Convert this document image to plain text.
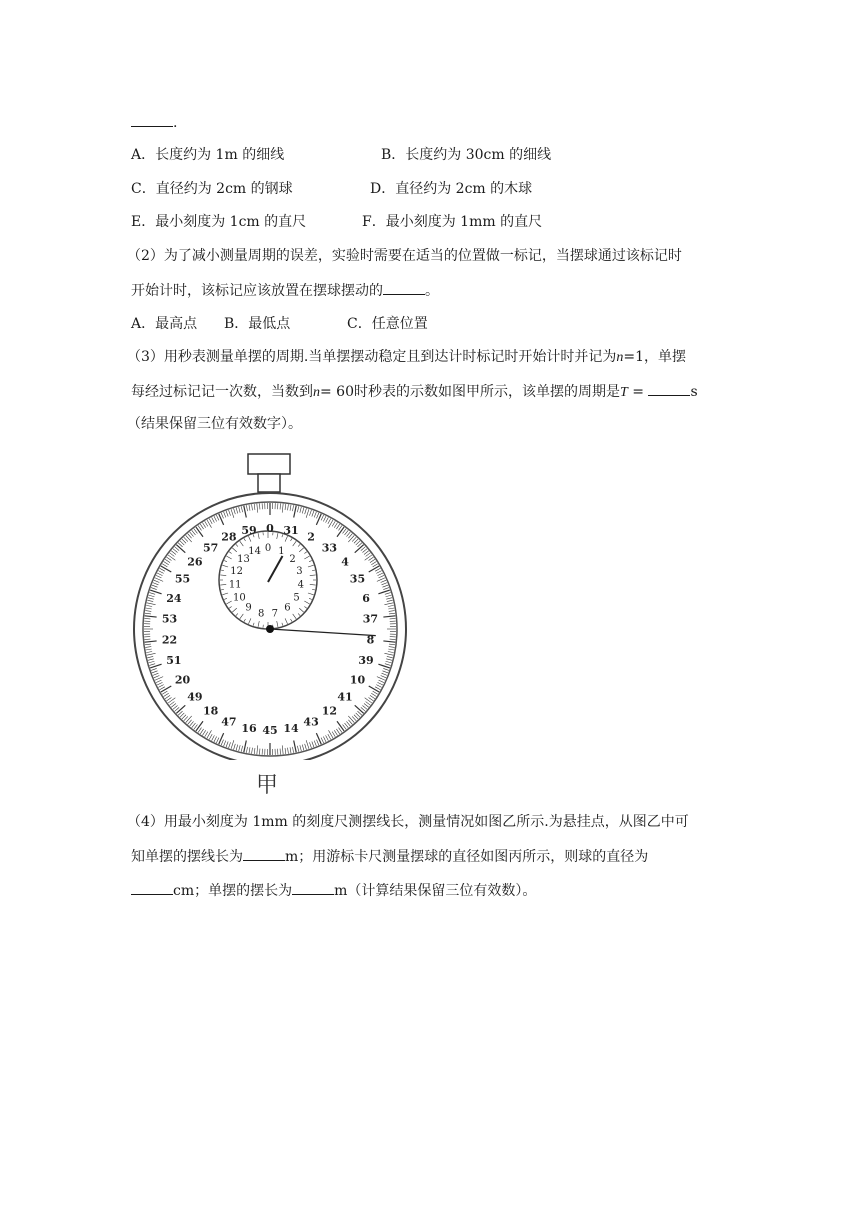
.
A．长度约为 1m 的细线	B．长度约为 30cm 的细线
C．直径约为 2cm 的钢球	D．直径约为 2cm 的木球
E．最小刻度为 1cm 的直尺	F．最小刻度为 1mm 的直尺
（2）为了减小测量周期的误差，实验时需要在适当的位置做一标记，当摆球通过该标记时
开始计时，该标记应该放置在摆球摆动的	。
A．最高点 B．最低点	C．任意位置
（3）用秒表测量单摆的周期.当单摆摆动稳定且到达计时标记时开始计时并记为n=1，单摆
每经过标记记一次数，当数到n= 60时秒表的示数如图甲所示，该单摆的周期是T =	s
（结果保留三位有效数字）。
0 31
2
33
4
35
6
37
8
39
10
41
12
43
14
45
16
47
18
49
20
51
22
53
24
55
26
57
28
59
0 1
2
3
4
5
6
7
8
9
10
11
12
13
14
甲
（4）用最小刻度为 1mm 的刻度尺测摆线长，测量情况如图乙所示.为悬挂点，从图乙中可
知单摆的摆线长为	m；用游标卡尺测量摆球的直径如图丙所示，则球的直径为
cm；单摆的摆长为	m（计算结果保留三位有效数）。
